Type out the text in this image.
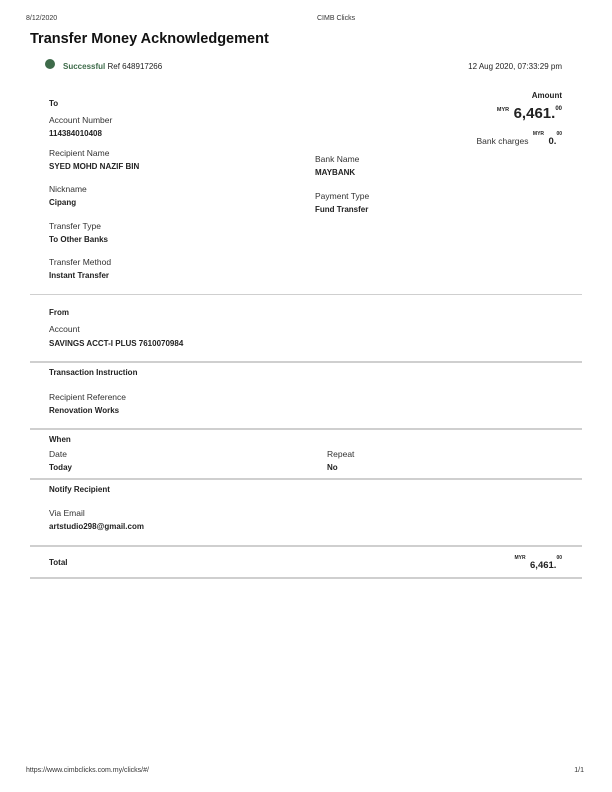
8/12/2020	CIMB Clicks
Transfer Money Acknowledgement
Successful Ref 648917266	12 Aug 2020, 07:33:29 pm
To
Account Number
114384010408
Recipient Name
SYED MOHD NAZIF BIN
Nickname
Cipang
Transfer Type
To Other Banks
Transfer Method
Instant Transfer
Bank Name
MAYBANK
Payment Type
Fund Transfer
Amount
$^{MYR}$ 6,461.00
Bank charges $^{MYR}$ 0.00
From
Account
SAVINGS ACCT-I PLUS 7610070984
Transaction Instruction
Recipient Reference
Renovation Works
When
Date
Today
Repeat
No
Notify Recipient
Via Email
artstudio298@gmail.com
Total	$^{MYR}$ 6,461.00
https://www.cimbclicks.com.my/clicks/#/	1/1
